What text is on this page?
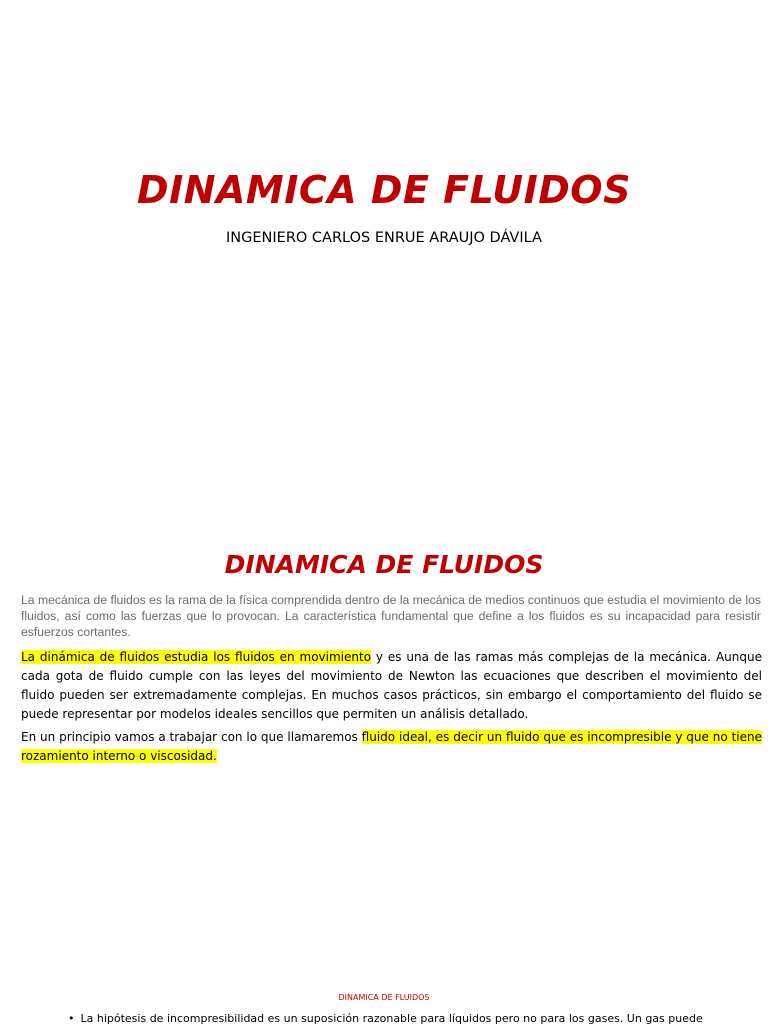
DINAMICA DE FLUIDOS
INGENIERO CARLOS ENRUE ARAUJO DÁVILA
DINAMICA DE FLUIDOS
La mecánica de fluidos es la rama de la física comprendida dentro de la mecánica de medios continuos que estudia el movimiento de los fluidos, así como las fuerzas que lo provocan. La característica fundamental que define a los fluidos es su incapacidad para resistir esfuerzos cortantes.
La dinámica de fluidos estudia los fluidos en movimiento y es una de las ramas más complejas de la mecánica. Aunque cada gota de fluido cumple con las leyes del movimiento de Newton las ecuaciones que describen el movimiento del fluido pueden ser extremadamente complejas. En muchos casos prácticos, sin embargo el comportamiento del fluido se puede representar por modelos ideales sencillos que permiten un análisis detallado.
En un principio vamos a trabajar con lo que llamaremos fluido ideal, es decir un fluido que es incompresible y que no tiene rozamiento interno o viscosidad.
DINAMICA DE FLUIDOS
• La hipótesis de incompresibilidad es un suposición razonable para líquidos pero no para los gases. Un gas puede
